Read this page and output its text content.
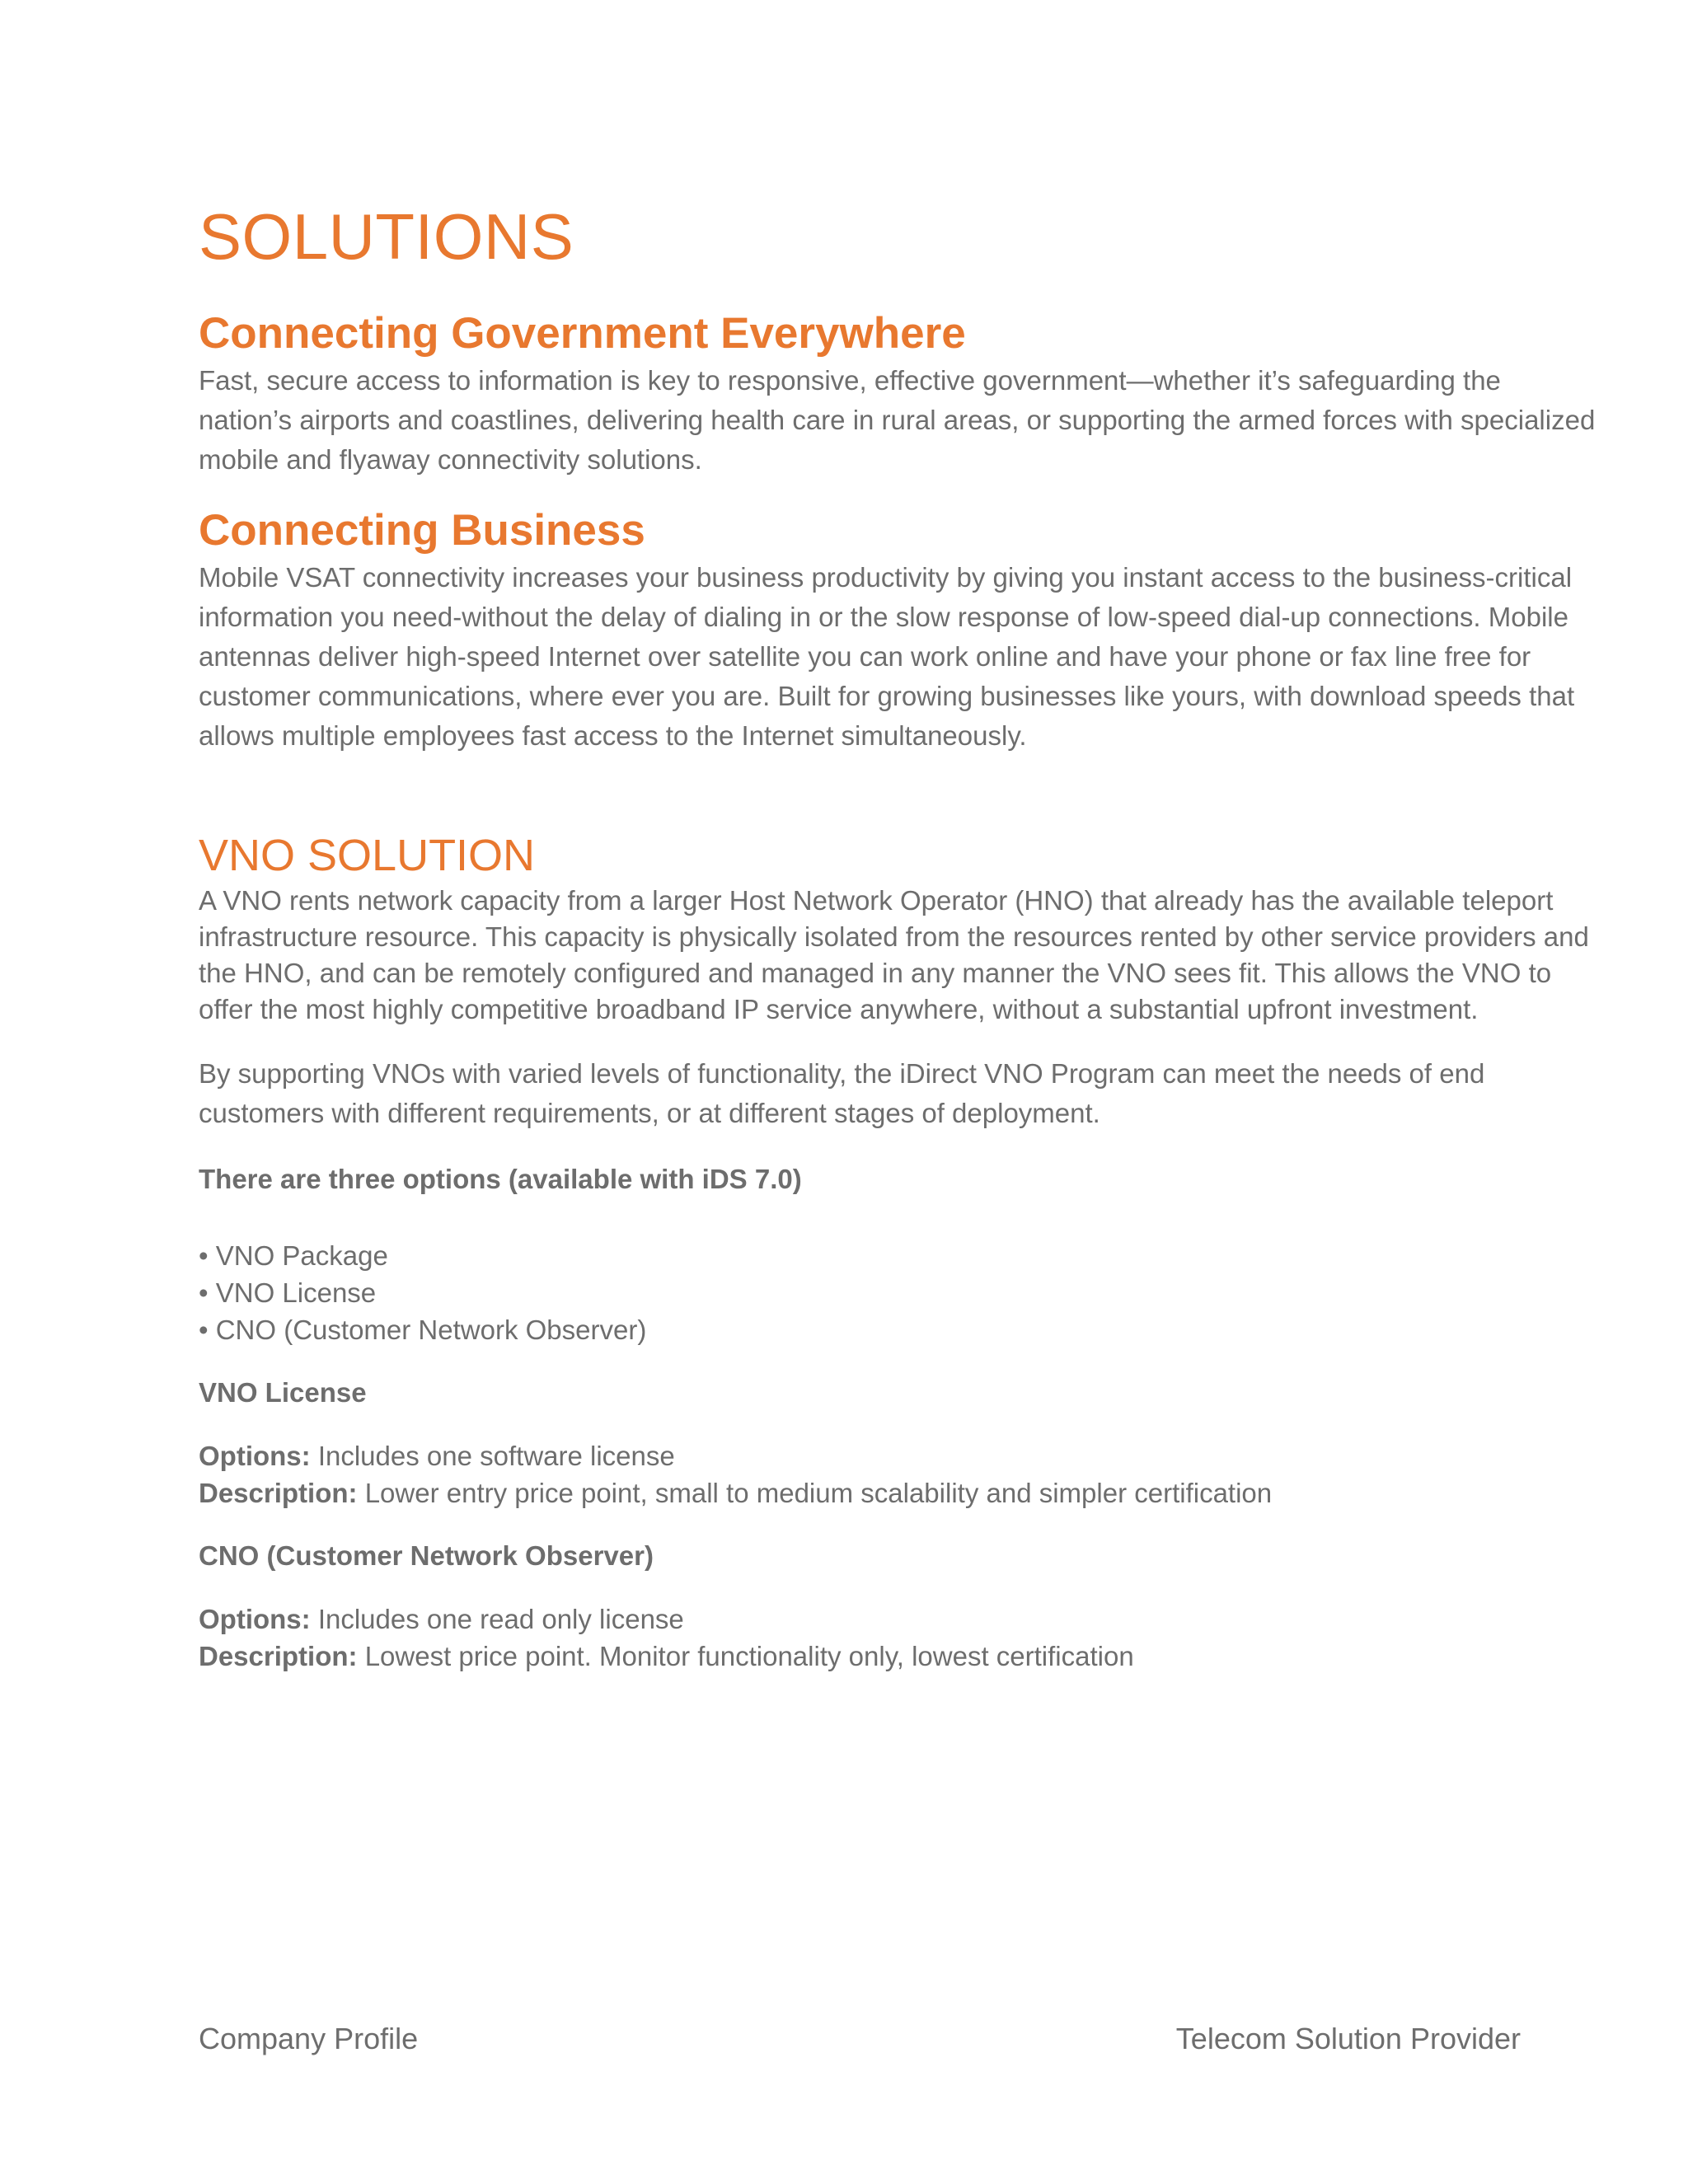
SOLUTIONS
Connecting Government Everywhere

Fast, secure access to information is key to responsive, effective government—whether it’s safeguarding the nation’s airports and coastlines, delivering health care in rural areas, or supporting the armed forces with specialized mobile and flyaway connectivity solutions.

Connecting Business

Mobile VSAT connectivity increases your business productivity by giving you instant access to the business-critical information you need-without the delay of dialing in or the slow response of low-speed dial-up connections. Mobile antennas deliver high-speed Internet over satellite you can work online and have your phone or fax line free for customer communications, where ever you are. Built for growing businesses like yours, with download speeds that allows multiple employees fast access to the Internet simultaneously.

VNO SOLUTION

A VNO rents network capacity from a larger Host Network Operator (HNO) that already has the available teleport infrastructure resource. This capacity is physically isolated from the resources rented by other service providers and the HNO, and can be remotely configured and managed in any manner the VNO sees fit. This allows the VNO to offer the most highly competitive broadband IP service anywhere, without a substantial upfront investment.

By supporting VNOs with varied levels of functionality, the iDirect VNO Program can meet the needs of end customers with different requirements, or at different stages of deployment.

There are three options (available with iDS 7.0)
• VNO Package
• VNO License
• CNO (Customer Network Observer)
VNO License
Options: Includes one software license
Description: Lower entry price point, small to medium scalability and simpler certification
CNO (Customer Network Observer)
Options: Includes one read only license
Description: Lowest price point. Monitor functionality only, lowest certification
Company Profile	Telecom Solution Provider
